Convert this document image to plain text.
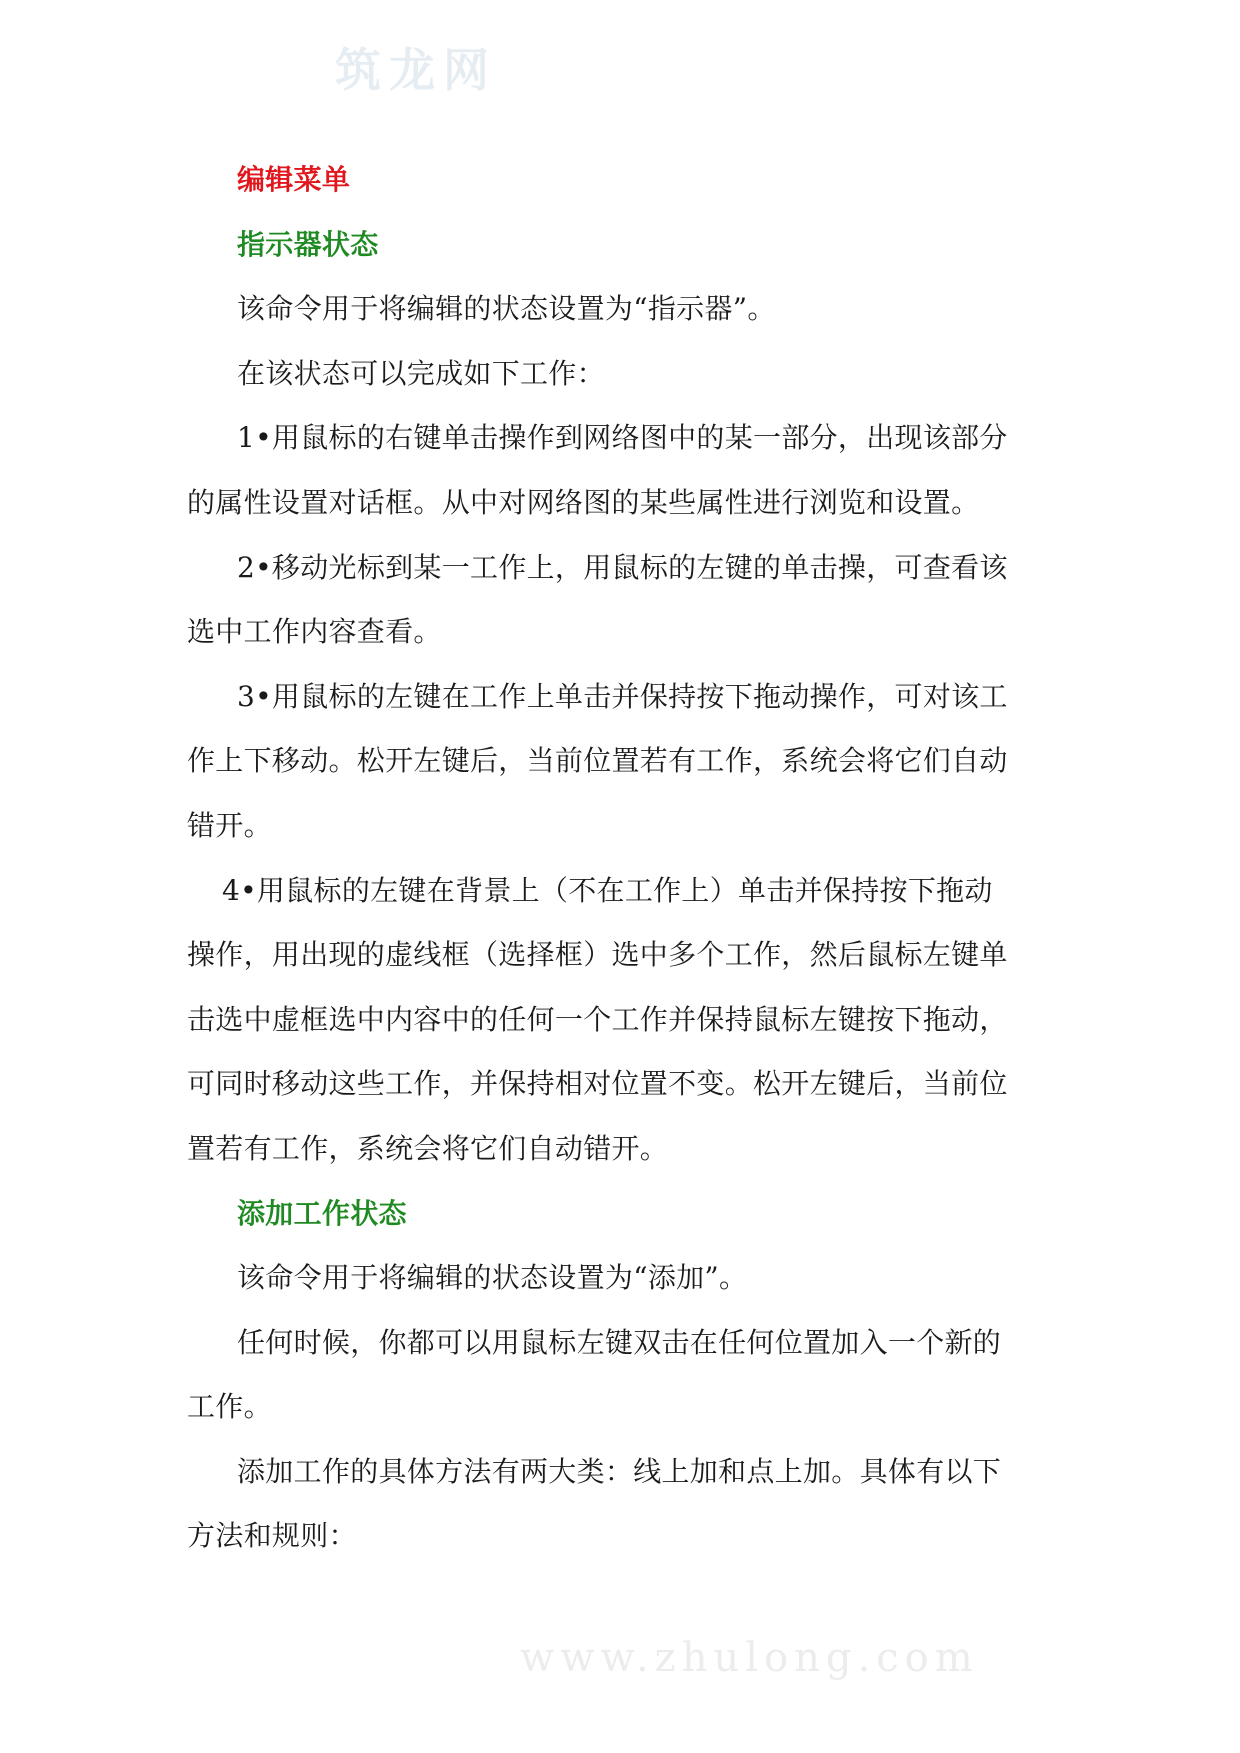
筑龙网
www.zhulong.com
编辑菜单
指示器状态
该命令用于将编辑的状态设置为“指示器”。
在该状态可以完成如下工作：
1•用鼠标的右键单击操作到网络图中的某一部分，出现该部分
的属性设置对话框。从中对网络图的某些属性进行浏览和设置。
2•移动光标到某一工作上，用鼠标的左键的单击操，可查看该
选中工作内容查看。
3•用鼠标的左键在工作上单击并保持按下拖动操作，可对该工
作上下移动。松开左键后，当前位置若有工作，系统会将它们自动
错开。
4•用鼠标的左键在背景上（不在工作上）单击并保持按下拖动
操作，用出现的虚线框（选择框）选中多个工作，然后鼠标左键单
击选中虚框选中内容中的任何一个工作并保持鼠标左键按下拖动，
可同时移动这些工作，并保持相对位置不变。松开左键后，当前位
置若有工作，系统会将它们自动错开。
添加工作状态
该命令用于将编辑的状态设置为“添加”。
任何时候，你都可以用鼠标左键双击在任何位置加入一个新的
工作。
添加工作的具体方法有两大类：线上加和点上加。具体有以下
方法和规则：
